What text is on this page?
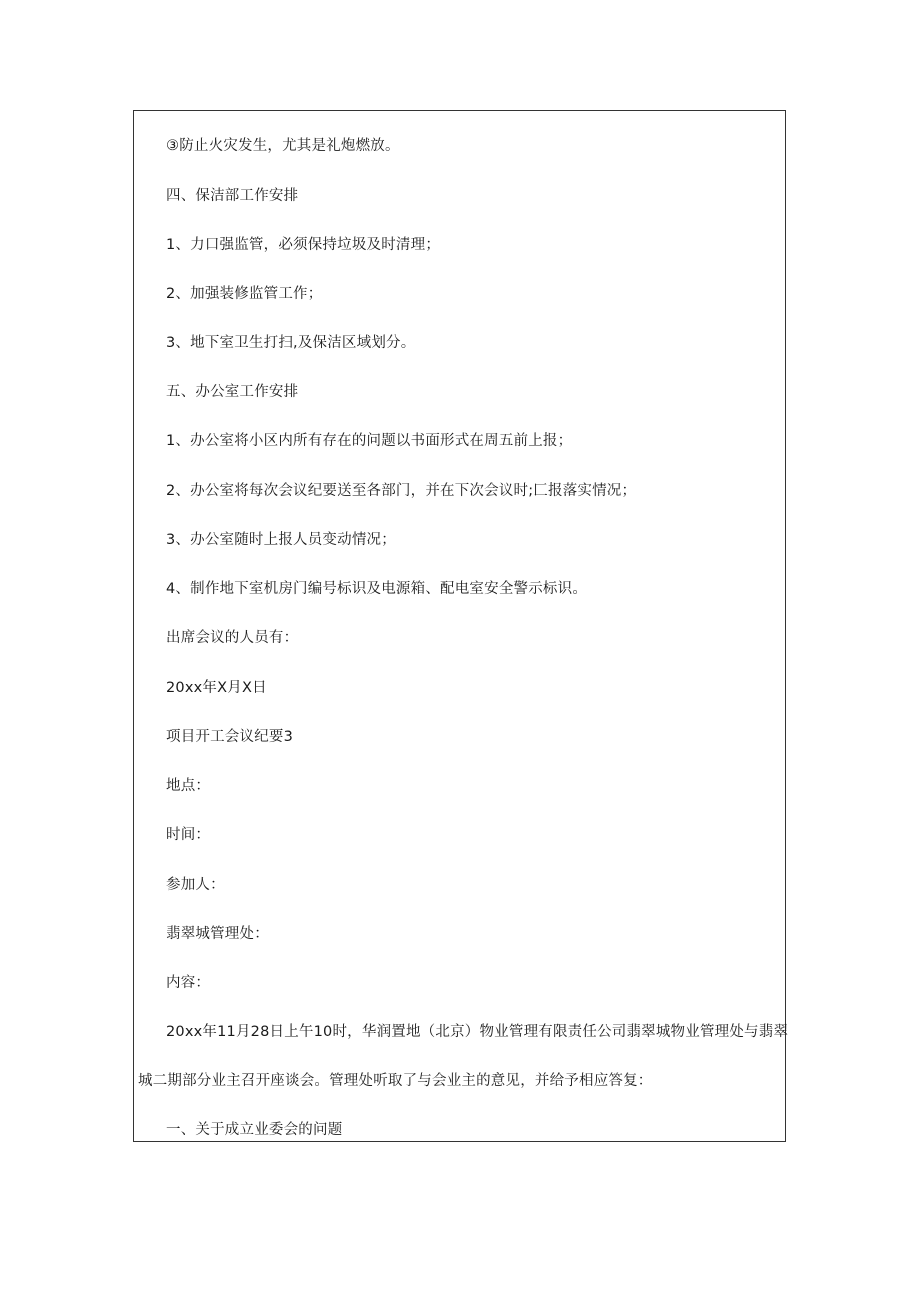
③防止火灾发生，尤其是礼炮燃放。
四、保洁部工作安排
1、力口强监管，必须保持垃圾及时清理；
2、加强装修监管工作；
3、地下室卫生打扫,及保洁区域划分。
五、办公室工作安排
1、办公室将小区内所有存在的问题以书面形式在周五前上报；
2、办公室将每次会议纪要送至各部门，并在下次会议时;匚报落实情况；
3、办公室随时上报人员变动情况；
4、制作地下室机房门编号标识及电源箱、配电室安全警示标识。
出席会议的人员有：
20xx年X月X日
项目开工会议纪要3
地点：
时间：
参加人：
翡翠城管理处：
内容：
20xx年11月28日上午10时，华润置地（北京）物业管理有限责任公司翡翠城物业管理处与翡翠
城二期部分业主召开座谈会。管理处听取了与会业主的意见，并给予相应答复：
一、关于成立业委会的问题
